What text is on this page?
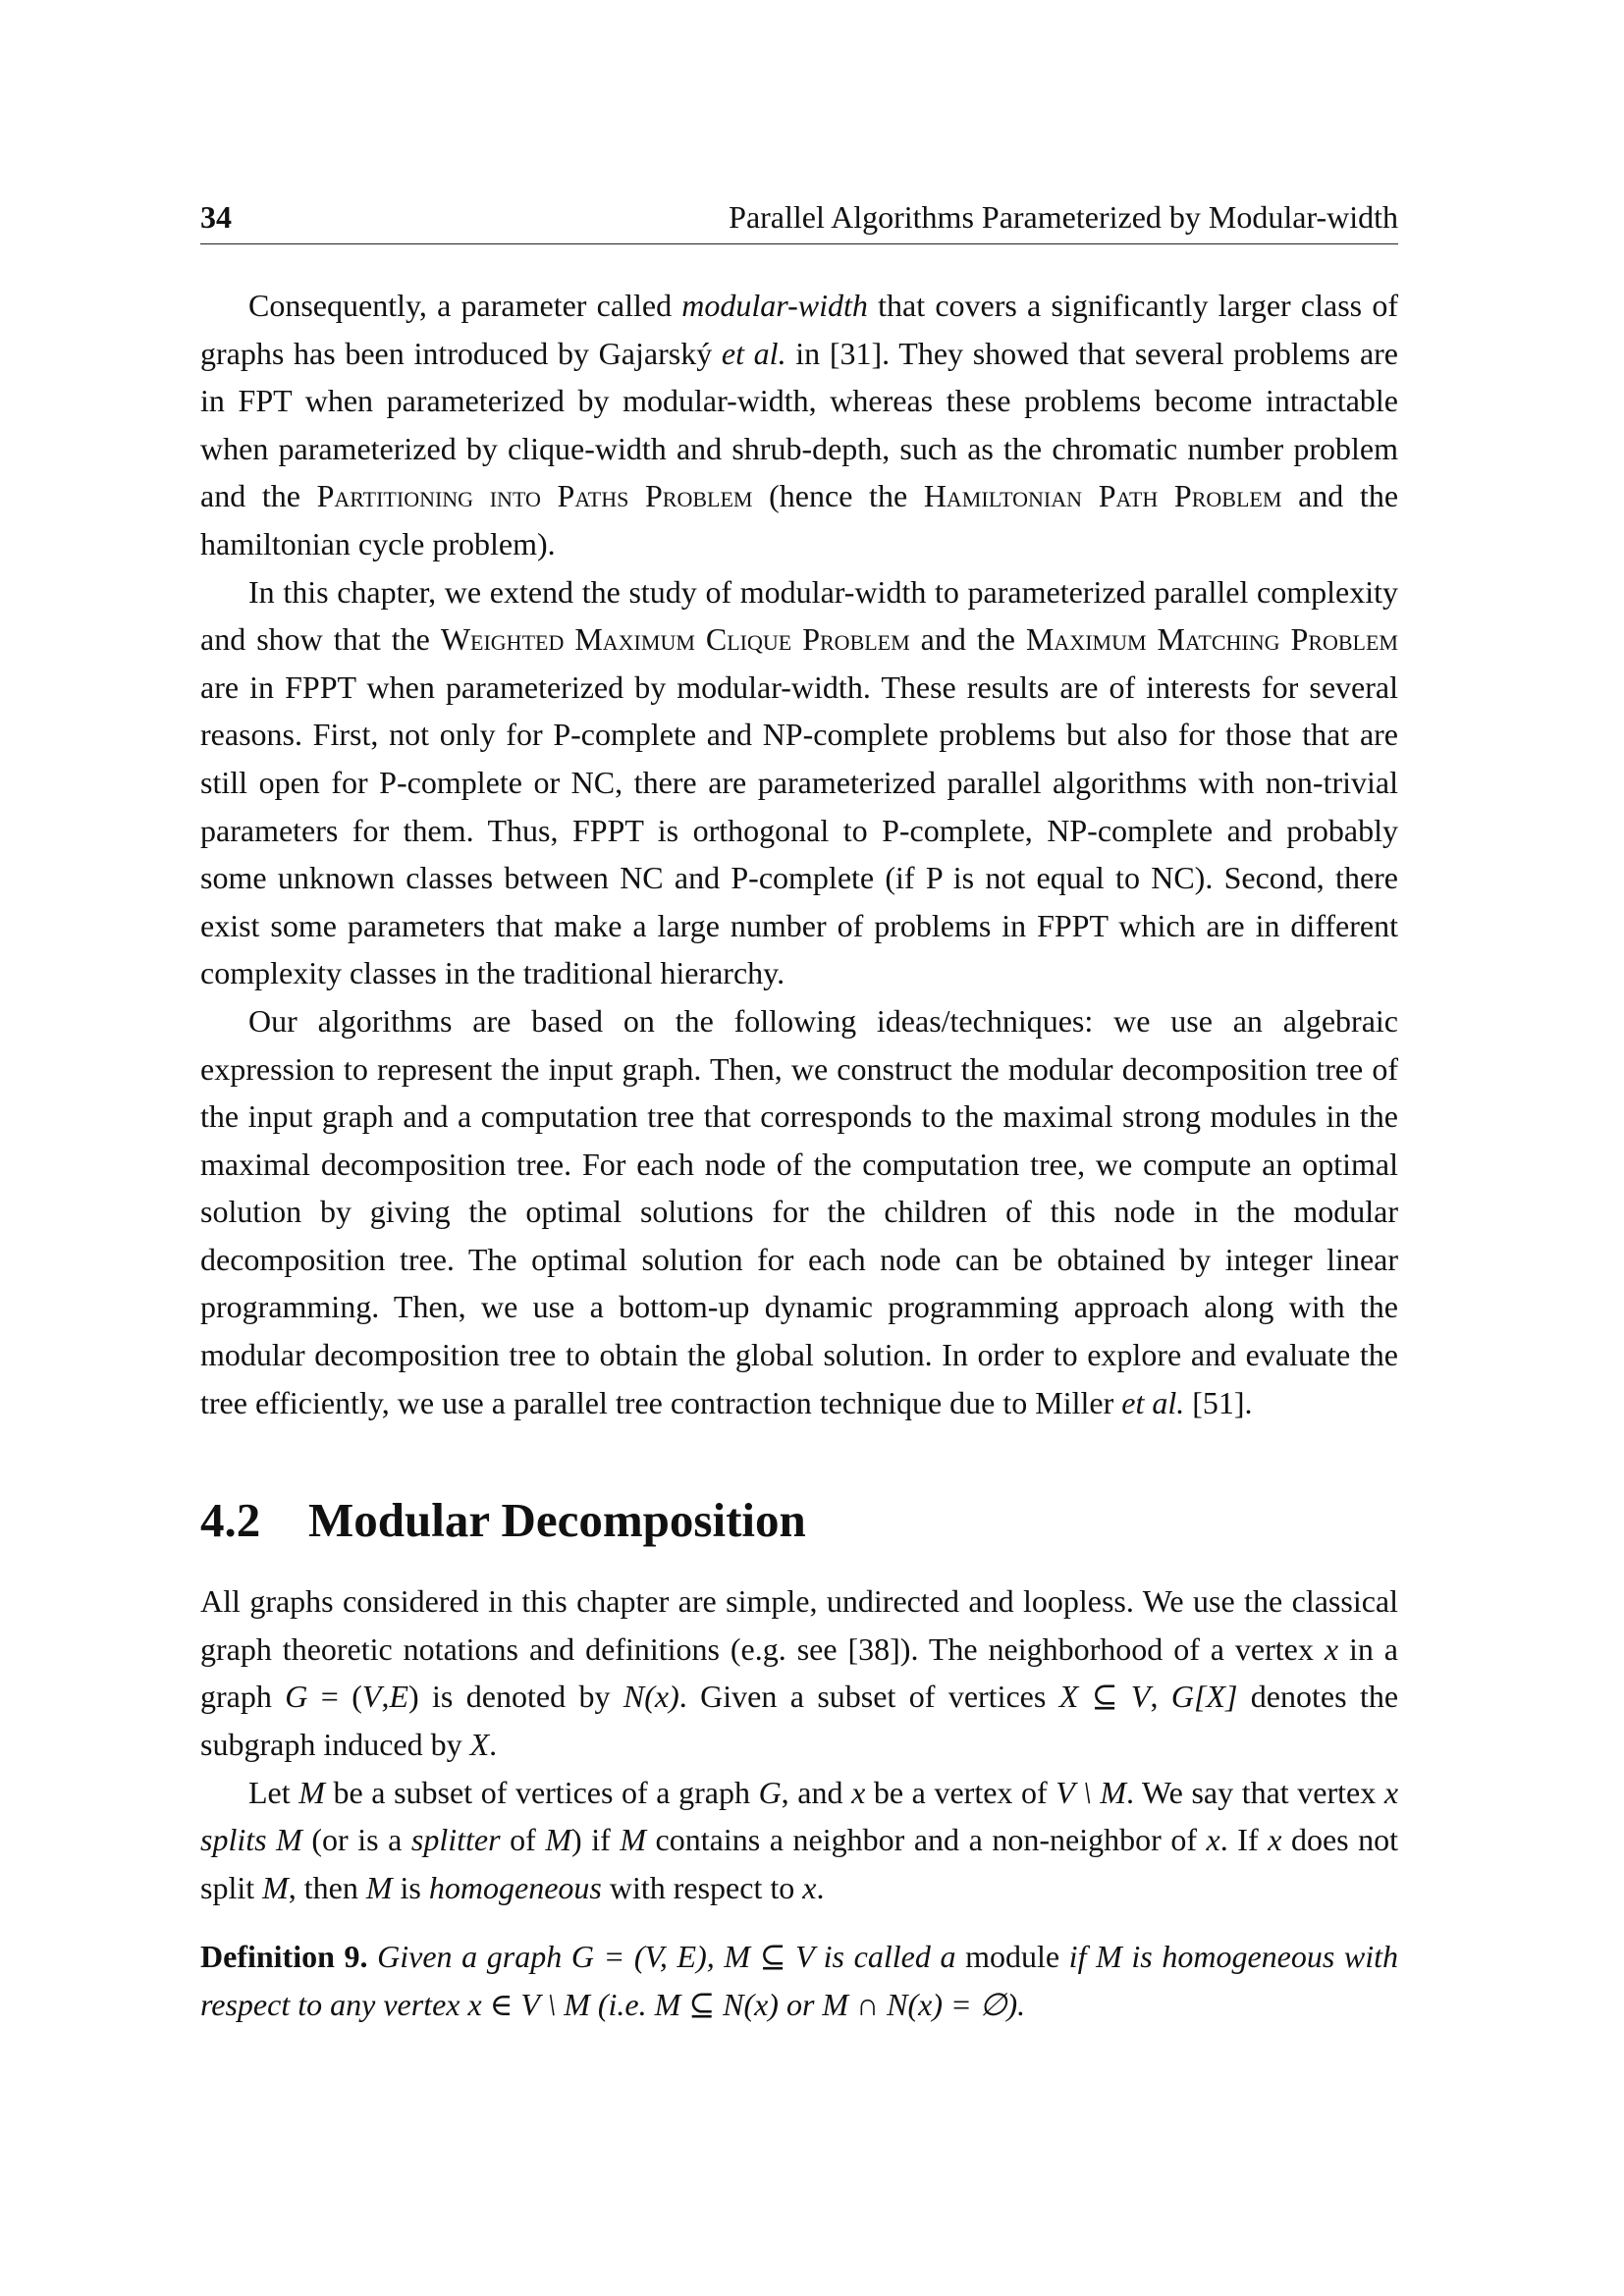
34	Parallel Algorithms Parameterized by Modular-width

Consequently, a parameter called modular-width that covers a significantly larger class of graphs has been introduced by Gajarský et al. in [31]. They showed that several problems are in FPT when parameterized by modular-width, whereas these problems become intractable when parameterized by clique-width and shrub-depth, such as the chromatic number problem and the Partitioning into Paths Problem (hence the Hamiltonian Path Problem and the hamiltonian cycle problem).

In this chapter, we extend the study of modular-width to parameterized parallel complexity and show that the Weighted Maximum Clique Problem and the Maximum Matching Problem are in FPPT when parameterized by modular-width. These results are of interests for several reasons. First, not only for P-complete and NP-complete problems but also for those that are still open for P-complete or NC, there are parameterized parallel algorithms with non-trivial parameters for them. Thus, FPPT is orthogonal to P-complete, NP-complete and probably some unknown classes between NC and P-complete (if P is not equal to NC). Second, there exist some parameters that make a large number of problems in FPPT which are in different complexity classes in the traditional hierarchy.

Our algorithms are based on the following ideas/techniques: we use an algebraic expression to represent the input graph. Then, we construct the modular decomposition tree of the input graph and a computation tree that corresponds to the maximal strong modules in the maximal decomposition tree. For each node of the computation tree, we compute an optimal solution by giving the optimal solutions for the children of this node in the modular decomposition tree. The optimal solution for each node can be obtained by integer linear programming. Then, we use a bottom-up dynamic programming approach along with the modular decomposition tree to obtain the global solution. In order to explore and evaluate the tree efficiently, we use a parallel tree contraction technique due to Miller et al. [51].

4.2 Modular Decomposition

All graphs considered in this chapter are simple, undirected and loopless. We use the classical graph theoretic notations and definitions (e.g. see [38]). The neighborhood of a vertex x in a graph G = (V,E) is denoted by N(x). Given a subset of vertices X ⊆ V, G[X] denotes the subgraph induced by X.

Let M be a subset of vertices of a graph G, and x be a vertex of V \ M. We say that vertex x splits M (or is a splitter of M) if M contains a neighbor and a non-neighbor of x. If x does not split M, then M is homogeneous with respect to x.

Definition 9. Given a graph G = (V, E), M ⊆ V is called a module if M is homogeneous with respect to any vertex x ∈ V \ M (i.e. M ⊆ N(x) or M ∩ N(x) = ∅).
